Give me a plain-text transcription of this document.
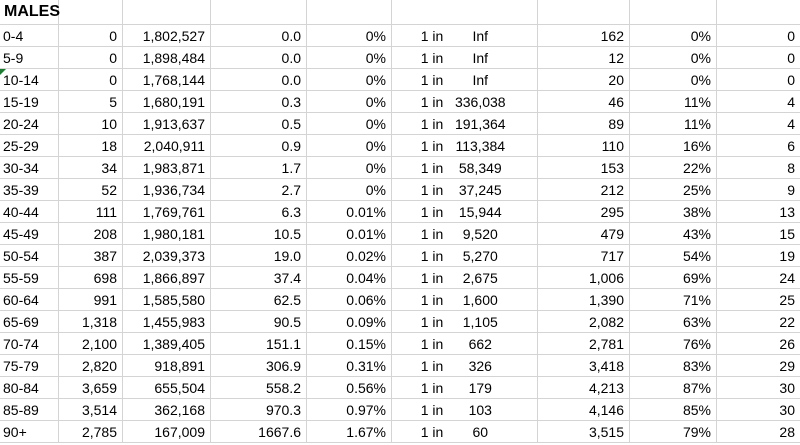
MALES
0-4	0	1,802,527	0.0	0%	1 in	Inf	162	0%	0
5-9	0	1,898,484	0.0	0%	1 in	Inf	12	0%	0
10-14	0	1,768,144	0.0	0%	1 in	Inf	20	0%	0
15-19	5	1,680,191	0.3	0%	1 in 336,038	46	11%	4
20-24	10	1,913,637	0.5	0%	1 in 191,364	89	11%	4
25-29	18	2,040,911	0.9	0%	1 in 113,384	110	16%	6
30-34	34	1,983,871	1.7	0%	1 in	58,349	153	22%	8
35-39	52	1,936,734	2.7	0%	1 in	37,245	212	25%	9
40-44	111	1,769,761	6.3	0.01%	1 in	15,944	295	38%	13
45-49	208	1,980,181	10.5	0.01%	1 in	9,520	479	43%	15
50-54	387	2,039,373	19.0	0.02%	1 in	5,270	717	54%	19
55-59	698	1,866,897	37.4	0.04%	1 in	2,675	1,006	69%	24
60-64	991	1,585,580	62.5	0.06%	1 in	1,600	1,390	71%	25
65-69	1,318	1,455,983	90.5	0.09%	1 in	1,105	2,082	63%	22
70-74	2,100	1,389,405	151.1	0.15%	1 in	662	2,781	76%	26
75-79	2,820	918,891	306.9	0.31%	1 in	326	3,418	83%	29
80-84	3,659	655,504	558.2	0.56%	1 in	179	4,213	87%	30
85-89	3,514	362,168	970.3	0.97%	1 in	103	4,146	85%	30
90+	2,785	167,009	1667.6	1.67%	1 in	60	3,515	79%	28
